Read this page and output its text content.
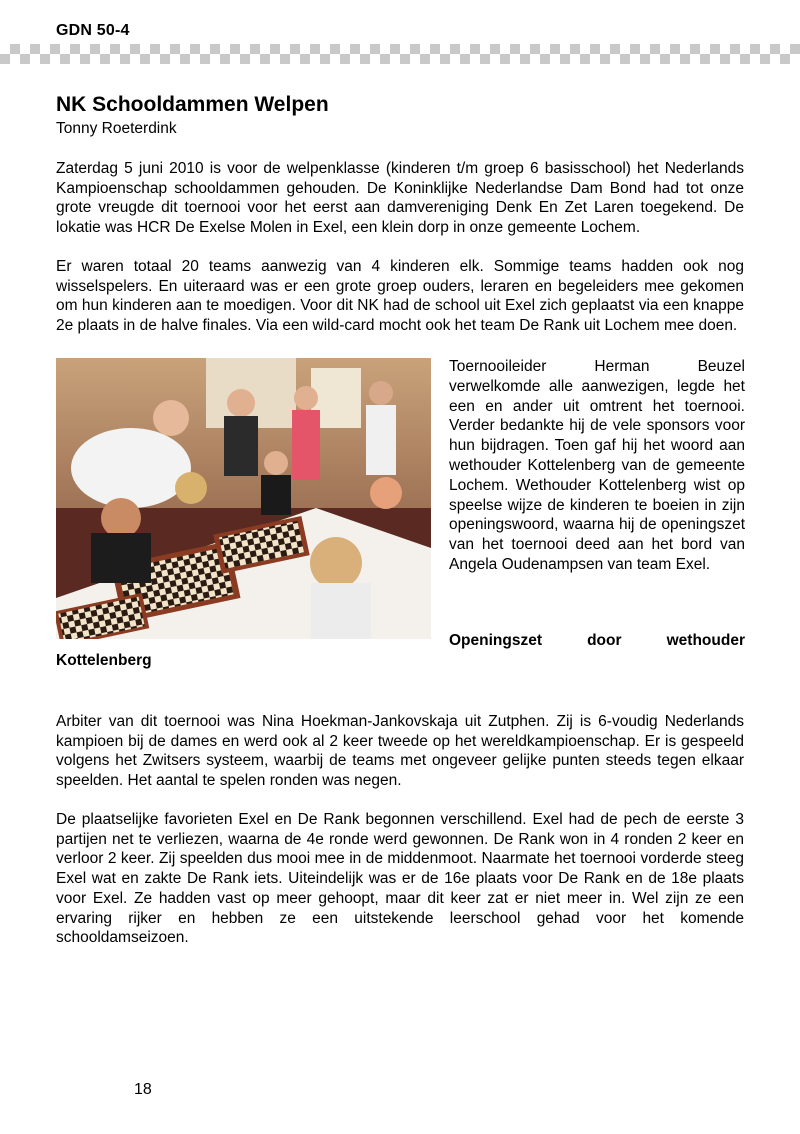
GDN 50-4
NK Schooldammen Welpen
Tonny Roeterdink

Zaterdag 5 juni 2010 is voor de welpenklasse (kinderen t/m groep 6 basisschool) het Nederlands Kampioenschap schooldammen gehouden. De Koninklijke Nederlandse Dam Bond had tot onze grote vreugde dit toernooi voor het eerst aan damvereniging Denk En Zet Laren toegekend. De lokatie was HCR De Exelse Molen in Exel, een klein dorp in onze gemeente Lochem.

Er waren totaal 20 teams aanwezig van 4 kinderen elk. Sommige teams hadden ook nog wisselspelers. En uiteraard was er een grote groep ouders, leraren en begeleiders mee gekomen om hun kinderen aan te moedigen. Voor dit NK had de school uit Exel zich geplaatst via een knappe 2e plaats in de halve finales. Via een wild-card mocht ook het team De Rank uit Lochem mee doen.

Toernooileider Herman Beuzel verwelkomde alle aanwezigen, legde het een en ander uit omtrent het toernooi. Verder bedankte hij de vele sponsors voor hun bijdragen. Toen gaf hij het woord aan wethouder Kottelenberg van de gemeente Lochem. Wethouder Kottelenberg wist op speelse wijze de kinderen te boeien in zijn openingswoord, waarna hij de openingszet van het toernooi deed aan het bord van Angela Oudenampsen van team Exel.

Openingszet	door	wethouder
Kottelenberg

Arbiter van dit toernooi was Nina Hoekman-Jankovskaja uit Zutphen. Zij is 6-voudig Nederlands kampioen bij de dames en werd ook al 2 keer tweede op het wereldkampioenschap. Er is gespeeld volgens het Zwitsers systeem, waarbij de teams met ongeveer gelijke punten steeds tegen elkaar speelden. Het aantal te spelen ronden was negen.

De plaatselijke favorieten Exel en De Rank begonnen verschillend. Exel had de pech de eerste 3 partijen net te verliezen, waarna de 4e ronde werd gewonnen. De Rank won in 4 ronden 2 keer en verloor 2 keer. Zij speelden dus mooi mee in de middenmoot. Naarmate het toernooi vorderde steeg Exel wat en zakte De Rank iets. Uiteindelijk was er de 16e plaats voor De Rank en de 18e plaats voor Exel. Ze hadden vast op meer gehoopt, maar dit keer zat er niet meer in. Wel zijn ze een ervaring rijker en hebben ze een uitstekende leerschool gehad voor het komende schooldamseizoen.

18
